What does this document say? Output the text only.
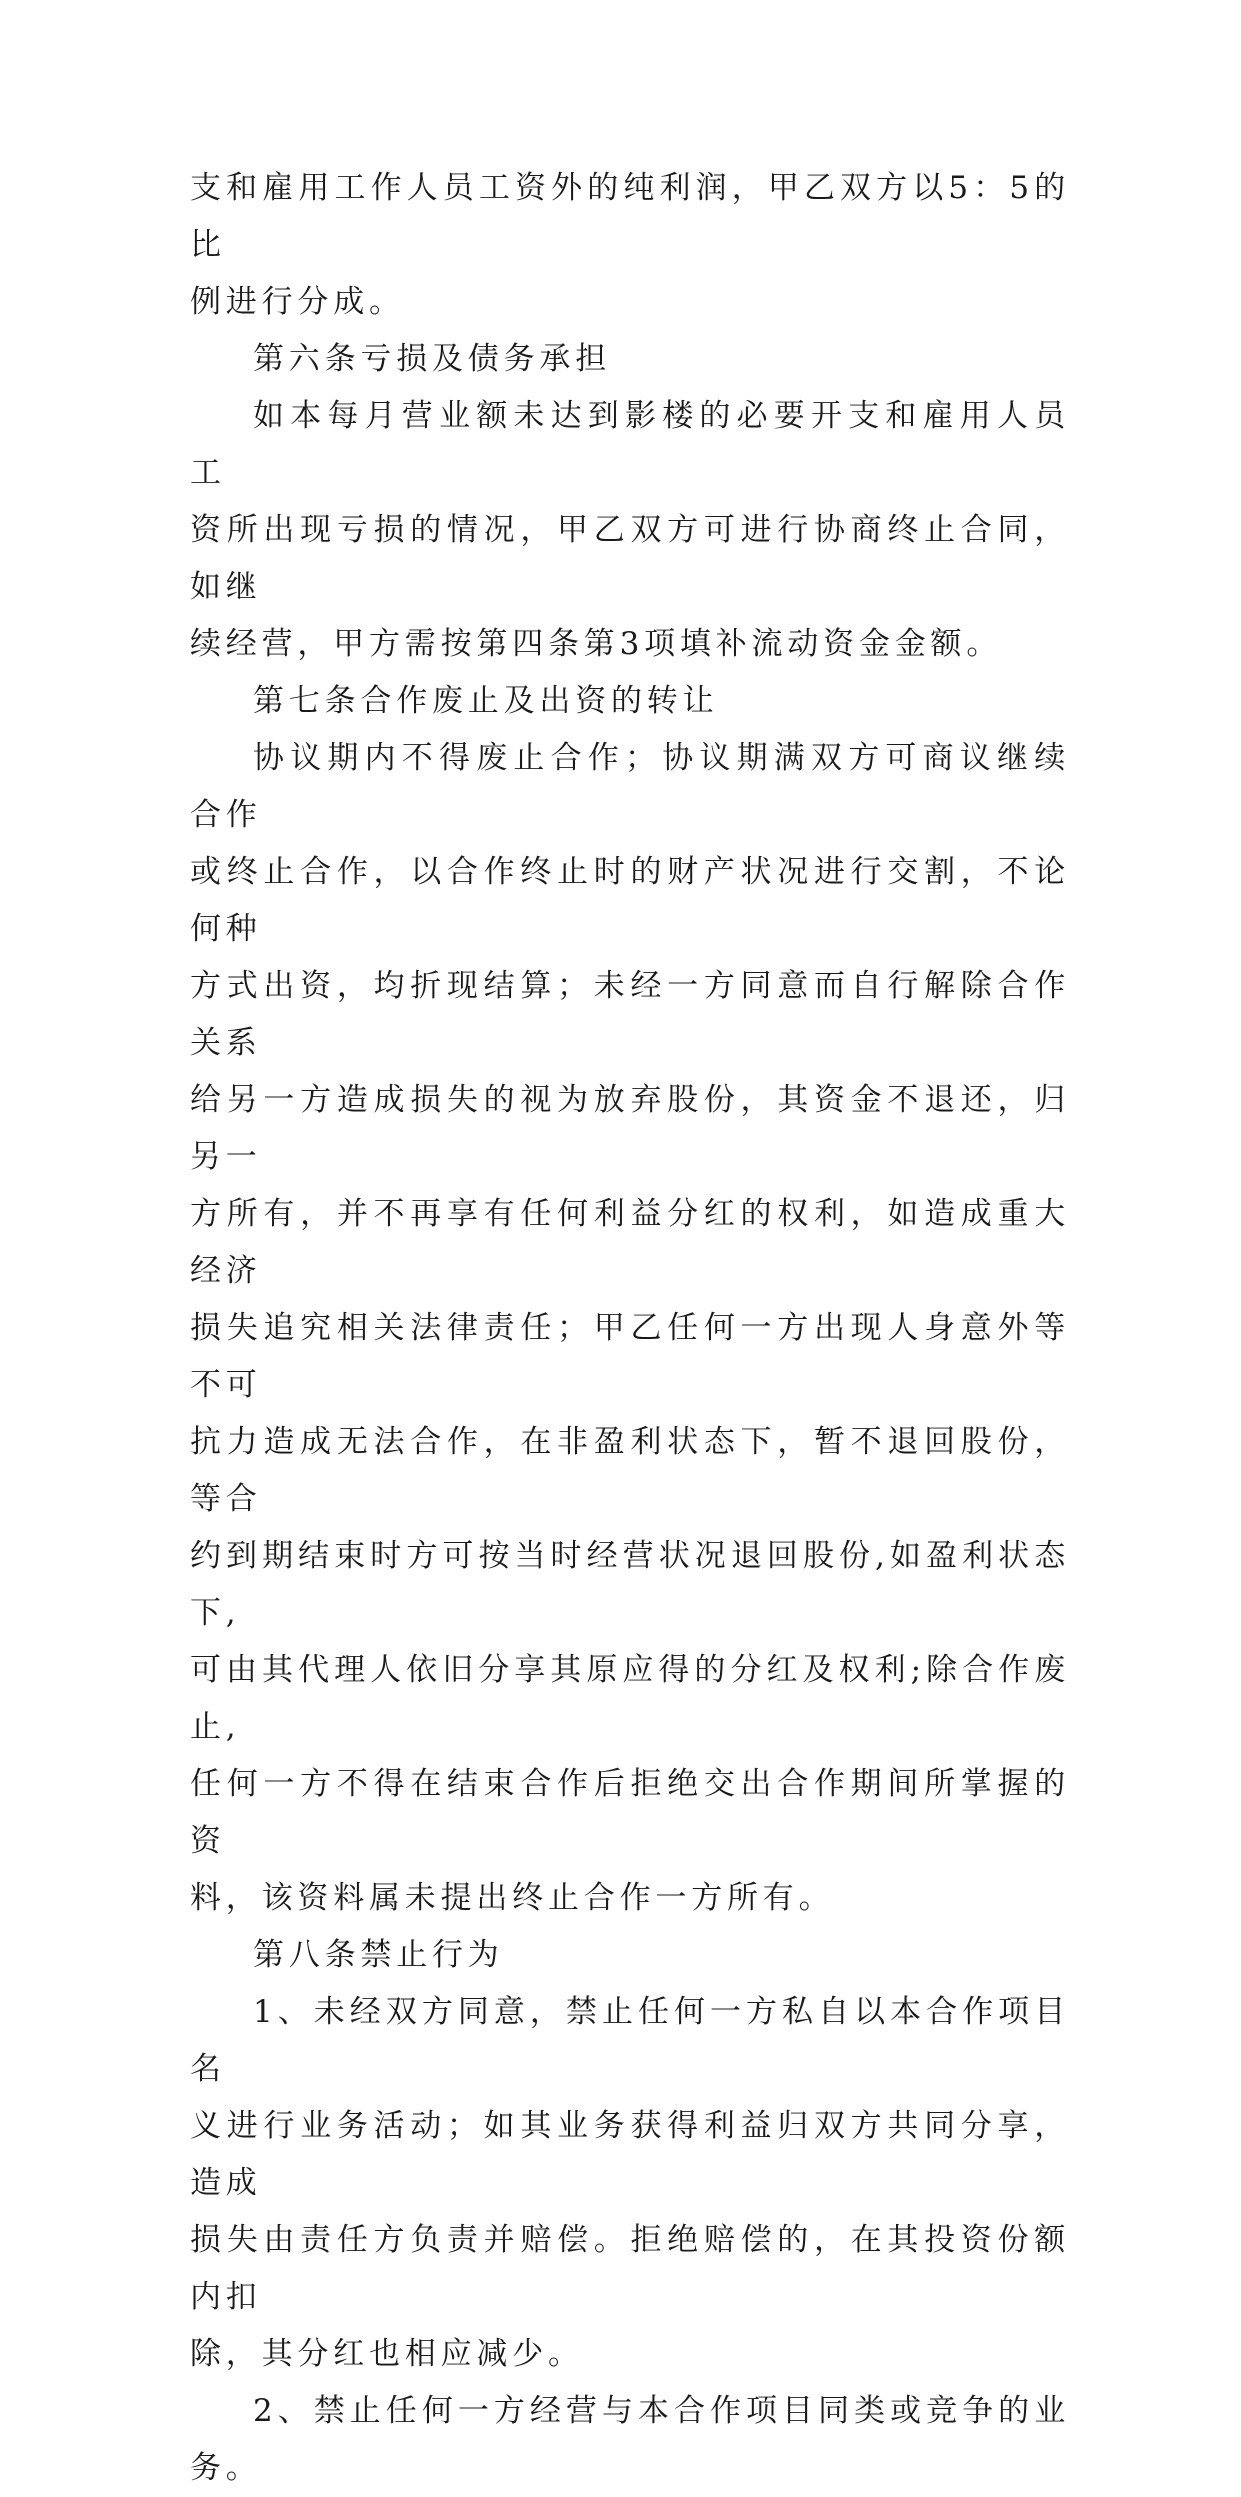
支和雇用工作人员工资外的纯利润，甲乙双方以5：5的比
例进行分成。

第六条亏损及债务承担

如本每月营业额未达到影楼的必要开支和雇用人员工
资所出现亏损的情况，甲乙双方可进行协商终止合同，如继
续经营，甲方需按第四条第3项填补流动资金金额。

第七条合作废止及出资的转让

协议期内不得废止合作；协议期满双方可商议继续合作
或终止合作，以合作终止时的财产状况进行交割，不论何种
方式出资，均折现结算；未经一方同意而自行解除合作关系
给另一方造成损失的视为放弃股份，其资金不退还，归另一
方所有，并不再享有任何利益分红的权利，如造成重大经济
损失追究相关法律责任；甲乙任何一方出现人身意外等不可
抗力造成无法合作，在非盈利状态下，暂不退回股份，等合
约到期结束时方可按当时经营状况退回股份,如盈利状态下,
可由其代理人依旧分享其原应得的分红及权利;除合作废止,
任何一方不得在结束合作后拒绝交出合作期间所掌握的资
料，该资料属未提出终止合作一方所有。

第八条禁止行为

1、未经双方同意，禁止任何一方私自以本合作项目名
义进行业务活动；如其业务获得利益归双方共同分享，造成
损失由责任方负责并赔偿。拒绝赔偿的，在其投资份额内扣
除，其分红也相应减少。

2、禁止任何一方经营与本合作项目同类或竞争的业务。
